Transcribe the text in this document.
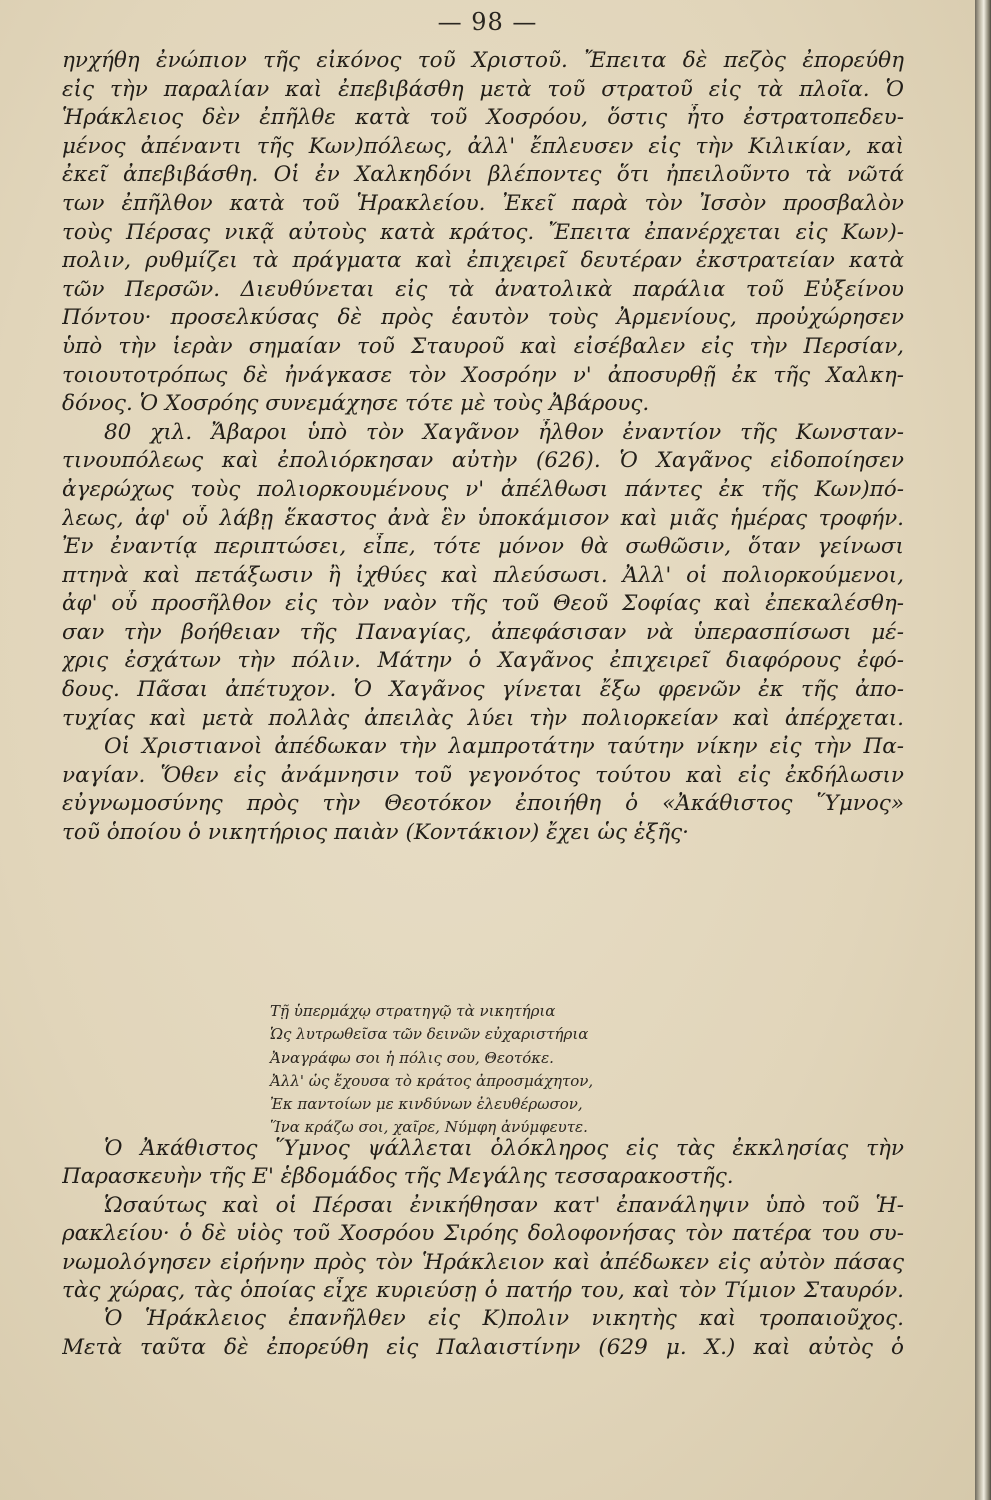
— 98 —
ηνχήθη ἐνώπιον τῆς εἰκόνος τοῦ Χριστοῦ. Ἔπειτα δὲ πεζὸς ἐπορεύθη
εἰς τὴν παραλίαν καὶ ἐπεβιβάσθη μετὰ τοῦ στρατοῦ εἰς τὰ πλοῖα. Ὁ
Ἡράκλειος δὲν ἐπῆλθε κατὰ τοῦ Χοσρόου, ὅστις ἦτο ἐστρατοπεδευ-
μένος ἀπέναντι τῆς Κων)πόλεως, ἀλλ' ἔπλευσεν εἰς τὴν Κιλικίαν, καὶ
ἐκεῖ ἀπεβιβάσθη. Οἱ ἐν Χαλκηδόνι βλέποντες ὅτι ἠπειλοῦντο τὰ νῶτά
των ἐπῆλθον κατὰ τοῦ Ἡρακλείου. Ἐκεῖ παρὰ τὸν Ἰσσὸν προσβαλὸν
τοὺς Πέρσας νικᾷ αὐτοὺς κατὰ κράτος. Ἔπειτα ἐπανέρχεται εἰς Κων)-
πολιν, ρυθμίζει τὰ πράγματα καὶ ἐπιχειρεῖ δευτέραν ἐκστρατείαν κατὰ
τῶν Περσῶν. Διευθύνεται εἰς τὰ ἀνατολικὰ παράλια τοῦ Εὐξείνου
Πόντου· προσελκύσας δὲ πρὸς ἑαυτὸν τοὺς Ἀρμενίους, προὐχώρησεν
ὑπὸ τὴν ἱερὰν σημαίαν τοῦ Σταυροῦ καὶ εἰσέβαλεν εἰς τὴν Περσίαν,
τοιουτοτρόπως δὲ ἠνάγκασε τὸν Χοσρόην ν' ἀποσυρθῇ ἐκ τῆς Χαλκη-
δόνος. Ὁ Χοσρόης συνεμάχησε τότε μὲ τοὺς Ἀβάρους.
80 χιλ. Ἄβαροι ὑπὸ τὸν Χαγᾶνον ἦλθον ἐναντίον τῆς Κωνσταν-
τινουπόλεως καὶ ἐπολιόρκησαν αὐτὴν (626). Ὁ Χαγᾶνος εἰδοποίησεν
ἀγερώχως τοὺς πολιορκουμένους ν' ἀπέλθωσι πάντες ἐκ τῆς Κων)πό-
λεως, ἀφ' οὗ λάβῃ ἕκαστος ἀνὰ ἓν ὑποκάμισον καὶ μιᾶς ἡμέρας τροφήν.
Ἐν ἐναντίᾳ περιπτώσει, εἶπε, τότε μόνον θὰ σωθῶσιν, ὅταν γείνωσι
πτηνὰ καὶ πετάξωσιν ἢ ἰχθύες καὶ πλεύσωσι. Ἀλλ' οἱ πολιορκούμενοι,
ἀφ' οὗ προσῆλθον εἰς τὸν ναὸν τῆς τοῦ Θεοῦ Σοφίας καὶ ἐπεκαλέσθη-
σαν τὴν βοήθειαν τῆς Παναγίας, ἀπεφάσισαν νὰ ὑπερασπίσωσι μέ-
χρις ἐσχάτων τὴν πόλιν. Μάτην ὁ Χαγᾶνος ἐπιχειρεῖ διαφόρους ἐφό-
δους. Πᾶσαι ἀπέτυχον. Ὁ Χαγᾶνος γίνεται ἔξω φρενῶν ἐκ τῆς ἀπο-
τυχίας καὶ μετὰ πολλὰς ἀπειλὰς λύει τὴν πολιορκείαν καὶ ἀπέρχεται.
Οἱ Χριστιανοὶ ἀπέδωκαν τὴν λαμπροτάτην ταύτην νίκην εἰς τὴν Πα-
ναγίαν. Ὅθεν εἰς ἀνάμνησιν τοῦ γεγονότος τούτου καὶ εἰς ἐκδήλωσιν
εὐγνωμοσύνης πρὸς τὴν Θεοτόκον ἐποιήθη ὁ «Ἀκάθιστος Ὕμνος»
τοῦ ὁποίου ὁ νικητήριος παιὰν (Κοντάκιον) ἔχει ὡς ἑξῆς·
Τῇ ὑπερμάχῳ στρατηγῷ τὰ νικητήρια
Ὡς λυτρωθεῖσα τῶν δεινῶν εὐχαριστήρια
Ἀναγράφω σοι ἡ πόλις σου, Θεοτόκε.
Ἀλλ' ὡς ἔχουσα τὸ κράτος ἀπροσμάχητον,
Ἐκ παντοίων με κινδύνων ἐλευθέρωσον,
Ἵνα κράζω σοι, χαῖρε, Νύμφη ἀνύμφευτε.
Ὁ Ἀκάθιστος Ὕμνος ψάλλεται ὁλόκληρος εἰς τὰς ἐκκλησίας τὴν
Παρασκευὴν τῆς Ε' ἑβδομάδος τῆς Μεγάλης τεσσαρακοστῆς.
Ὡσαύτως καὶ οἱ Πέρσαι ἐνικήθησαν κατ' ἐπανάληψιν ὑπὸ τοῦ Ἡ-
ρακλείου· ὁ δὲ υἱὸς τοῦ Χοσρόου Σιρόης δολοφονήσας τὸν πατέρα του συ-
νωμολόγησεν εἰρήνην πρὸς τὸν Ἡράκλειον καὶ ἀπέδωκεν εἰς αὐτὸν πάσας
τὰς χώρας, τὰς ὁποίας εἶχε κυριεύσῃ ὁ πατήρ του, καὶ τὸν Τίμιον Σταυρόν.
Ὁ Ἡράκλειος ἐπανῆλθεν εἰς Κ)πολιν νικητὴς καὶ τροπαιοῦχος.
Μετὰ ταῦτα δὲ ἐπορεύθη εἰς Παλαιστίνην (629 μ. Χ.) καὶ αὐτὸς ὁ
